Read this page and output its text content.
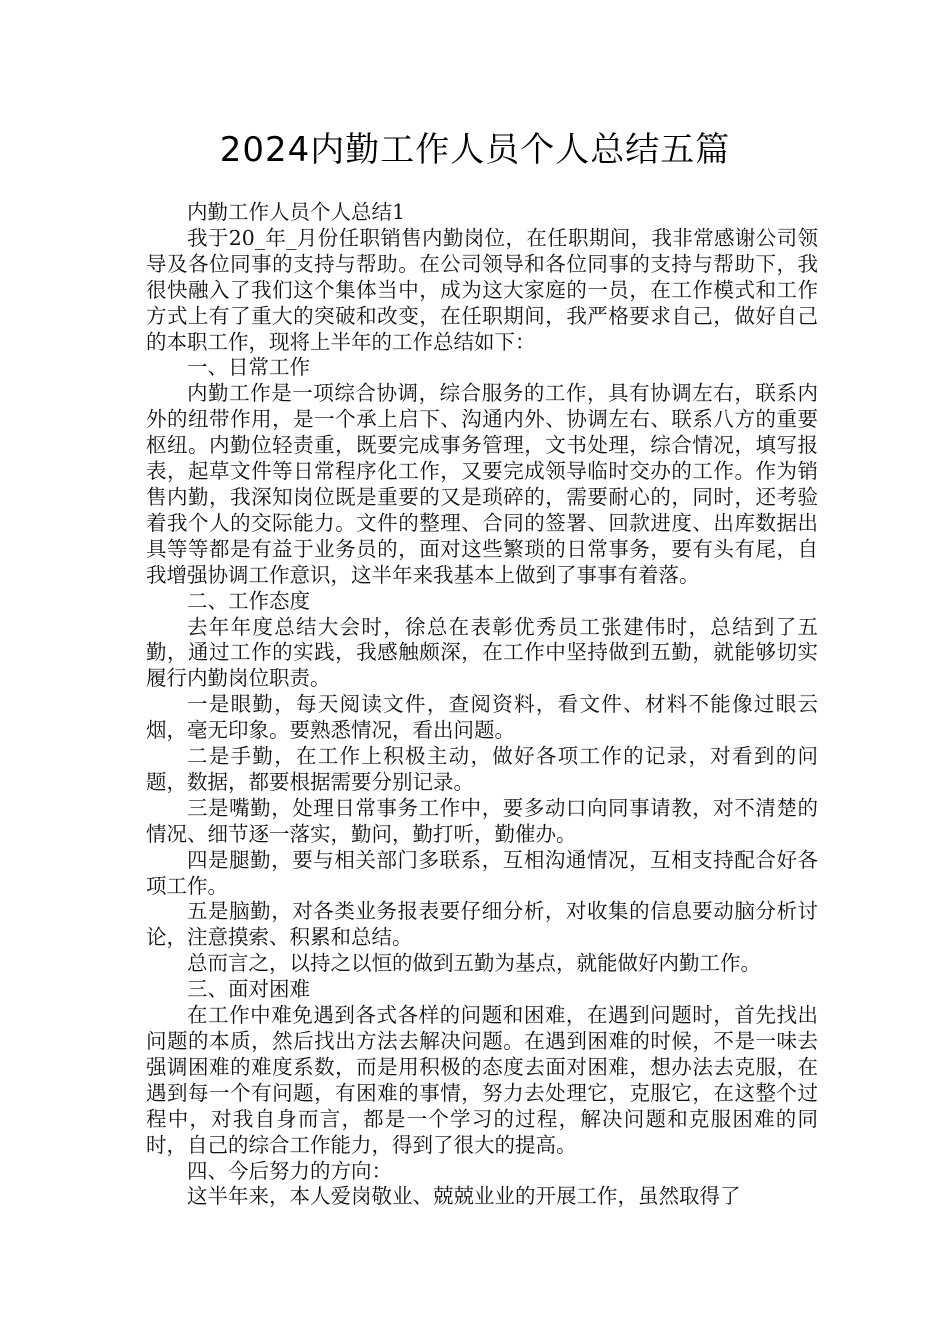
2024内勤工作人员个人总结五篇

内勤工作人员个人总结1

我于20_年_月份任职销售内勤岗位，在任职期间，我非常感谢公司领导及各位同事的支持与帮助。在公司领导和各位同事的支持与帮助下，我很快融入了我们这个集体当中，成为这大家庭的一员，在工作模式和工作方式上有了重大的突破和改变，在任职期间，我严格要求自己，做好自己的本职工作，现将上半年的工作总结如下：

一、日常工作

内勤工作是一项综合协调，综合服务的工作，具有协调左右，联系内外的纽带作用，是一个承上启下、沟通内外、协调左右、联系八方的重要枢纽。内勤位轻责重，既要完成事务管理，文书处理，综合情况，填写报表，起草文件等日常程序化工作，又要完成领导临时交办的工作。作为销售内勤，我深知岗位既是重要的又是琐碎的，需要耐心的，同时，还考验着我个人的交际能力。文件的整理、合同的签署、回款进度、出库数据出具等等都是有益于业务员的，面对这些繁琐的日常事务，要有头有尾，自我增强协调工作意识，这半年来我基本上做到了事事有着落。

二、工作态度

去年年度总结大会时，徐总在表彰优秀员工张建伟时，总结到了五勤，通过工作的实践，我感触颇深，在工作中坚持做到五勤，就能够切实履行内勤岗位职责。

一是眼勤，每天阅读文件，查阅资料，看文件、材料不能像过眼云烟，毫无印象。要熟悉情况，看出问题。

二是手勤，在工作上积极主动，做好各项工作的记录，对看到的问题，数据，都要根据需要分别记录。

三是嘴勤，处理日常事务工作中，要多动口向同事请教，对不清楚的情况、细节逐一落实，勤问，勤打听，勤催办。

四是腿勤，要与相关部门多联系，互相沟通情况，互相支持配合好各项工作。

五是脑勤，对各类业务报表要仔细分析，对收集的信息要动脑分析讨论，注意摸索、积累和总结。

总而言之，以持之以恒的做到五勤为基点，就能做好内勤工作。

三、面对困难

在工作中难免遇到各式各样的问题和困难，在遇到问题时，首先找出问题的本质，然后找出方法去解决问题。在遇到困难的时候，不是一味去强调困难的难度系数，而是用积极的态度去面对困难，想办法去克服，在遇到每一个有问题，有困难的事情，努力去处理它，克服它，在这整个过程中，对我自身而言，都是一个学习的过程，解决问题和克服困难的同时，自己的综合工作能力，得到了很大的提高。

四、今后努力的方向：

这半年来，本人爱岗敬业、兢兢业业的开展工作，虽然取得了
